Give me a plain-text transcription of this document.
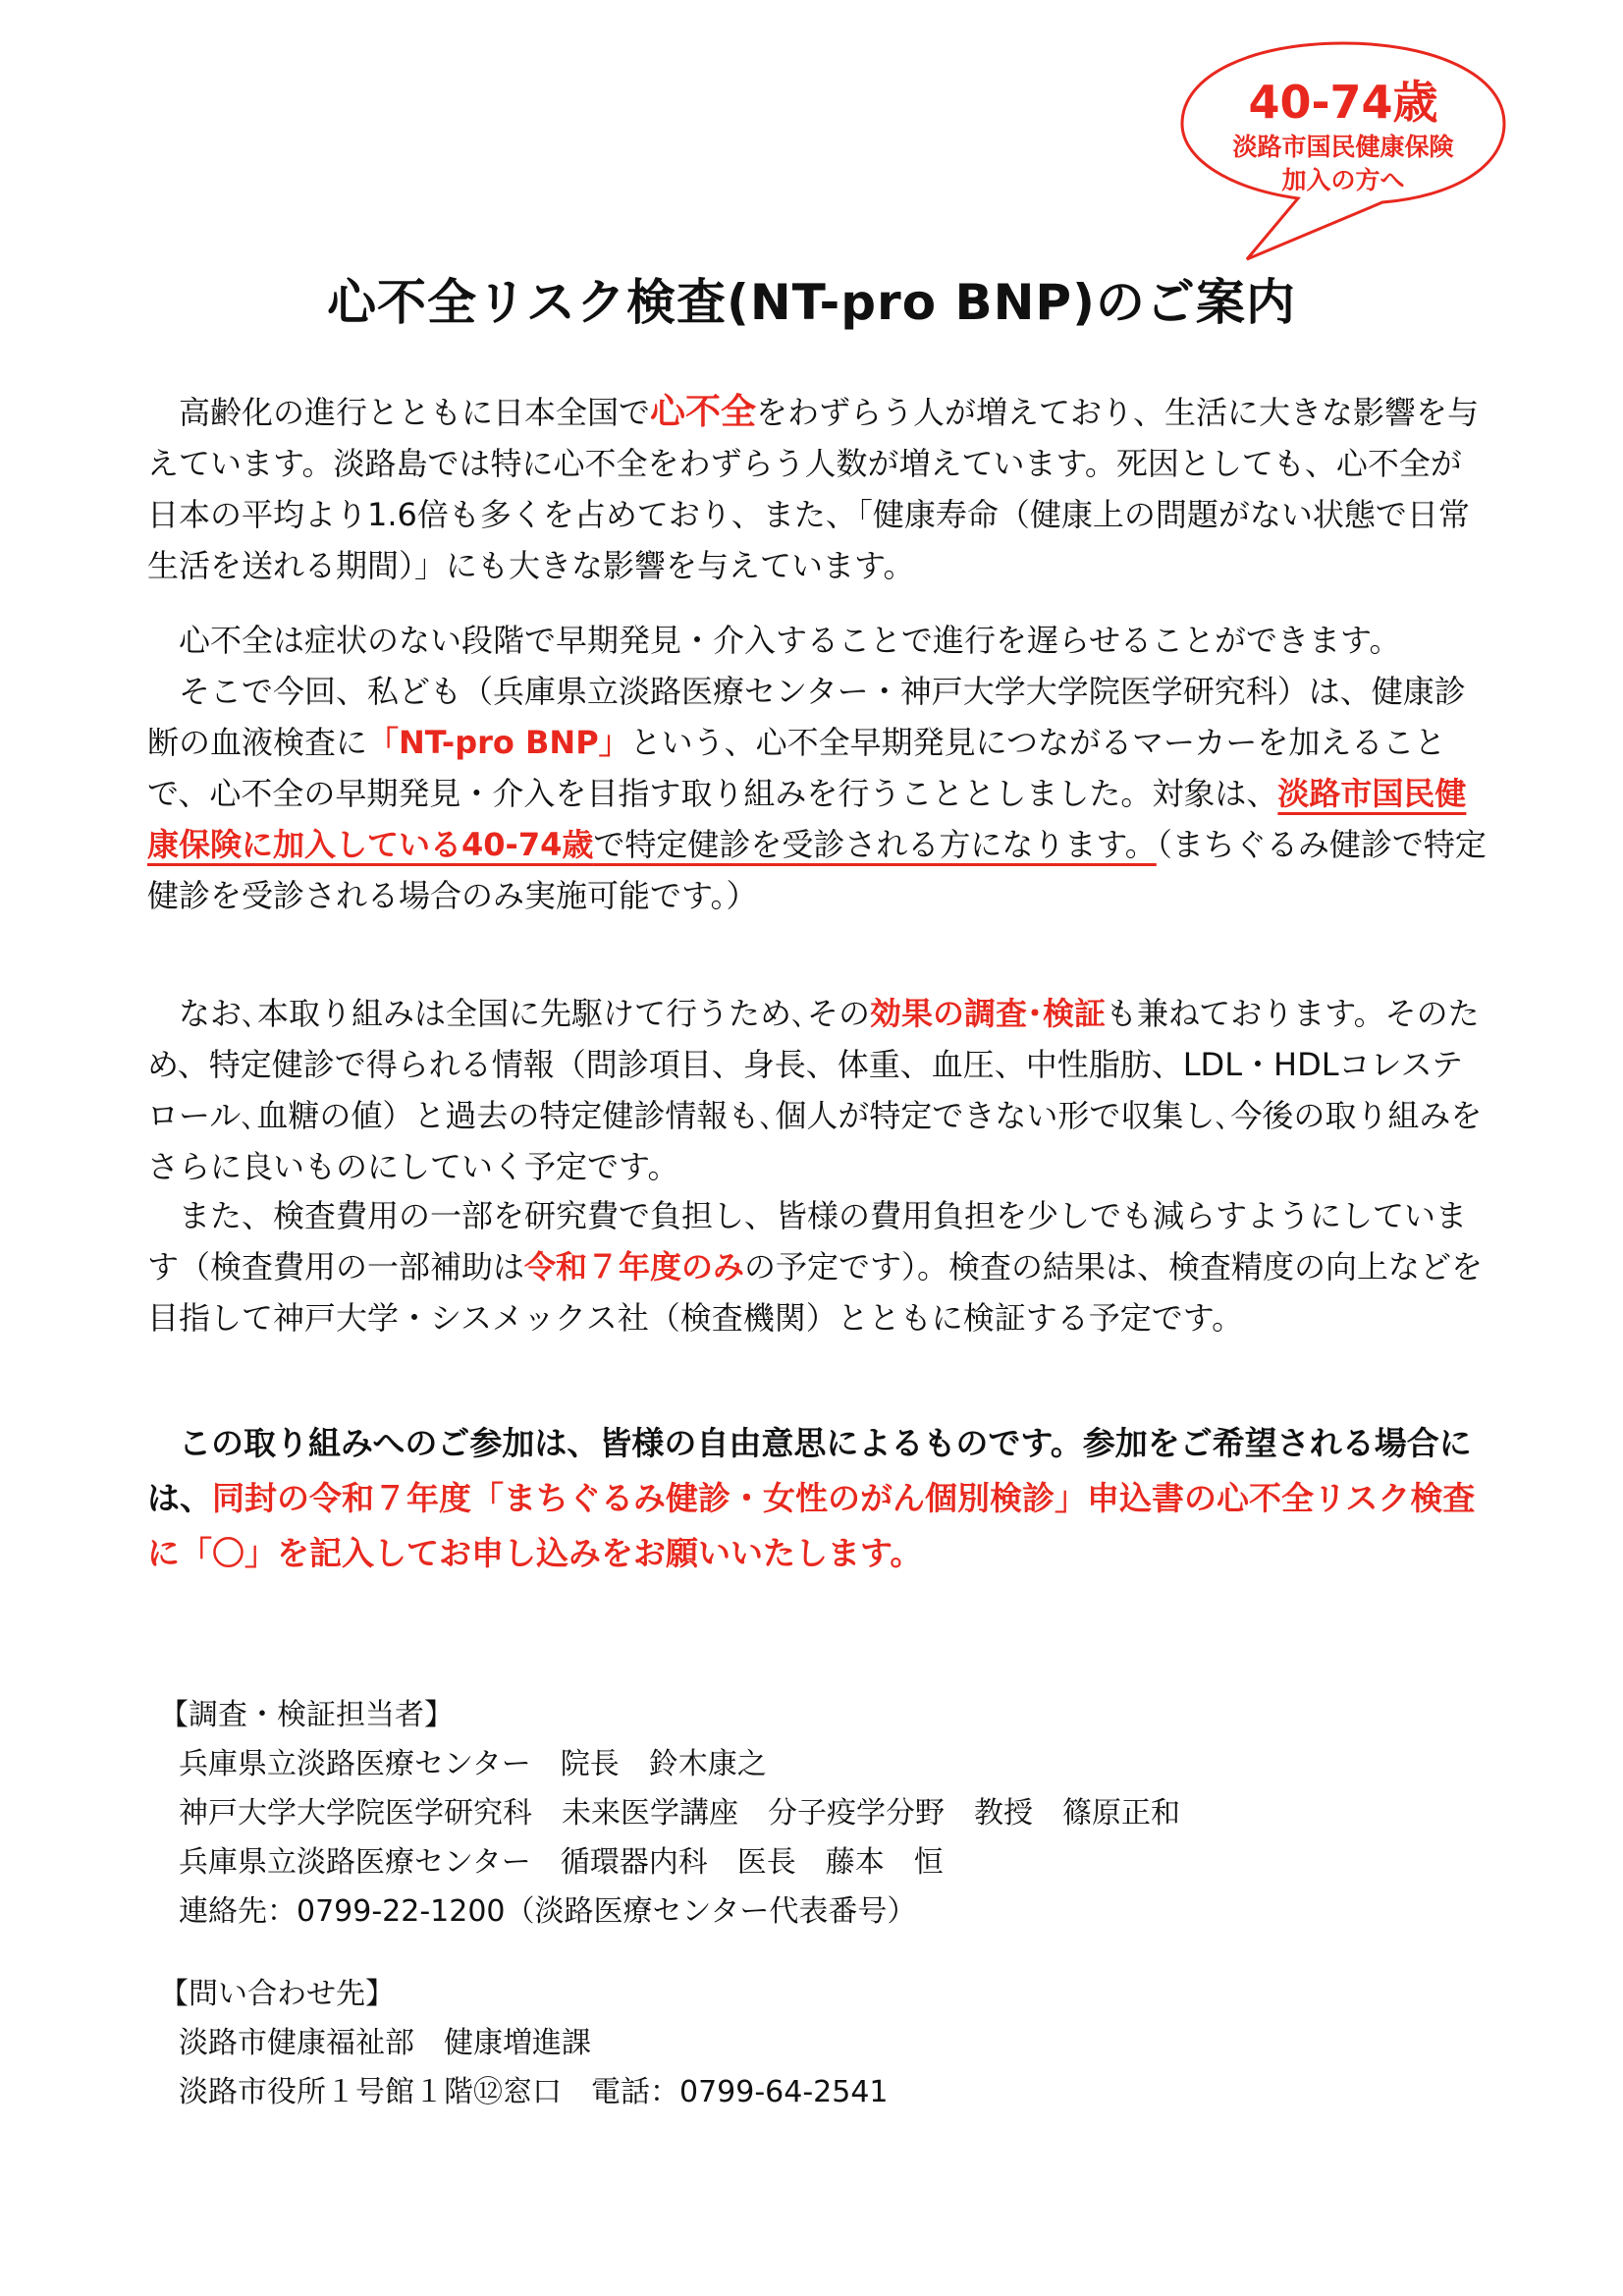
40-74歳
淡路市国民健康保険
加入の方へ
心不全リスク検査(NT-pro BNP)のご案内

高齢化の進行とともに日本全国で心不全をわずらう人が増えており、生活に大きな影響を与えています。淡路島では特に心不全をわずらう人数が増えています。死因としても、心不全が日本の平均より1.6倍も多くを占めており、また、「健康寿命（健康上の問題がない状態で日常生活を送れる期間）」にも大きな影響を与えています。

心不全は症状のない段階で早期発見・介入することで進行を遅らせることができます。

そこで今回、私ども（兵庫県立淡路医療センター・神戸大学大学院医学研究科）は、健康診断の血液検査に「NT-pro BNP」という、心不全早期発見につながるマーカーを加えることで、心不全の早期発見・介入を目指す取り組みを行うこととしました。対象は、淡路市国民健康保険に加入している40-74歳で特定健診を受診される方になります。（まちぐるみ健診で特定健診を受診される場合のみ実施可能です。）

なお､本取り組みは全国に先駆けて行うため､その効果の調査･検証も兼ねております。そのため、特定健診で得られる情報（問診項目、身長、体重、血圧、中性脂肪、LDL・HDLコレステロール､血糖の値）と過去の特定健診情報も､個人が特定できない形で収集し､今後の取り組みをさらに良いものにしていく予定です。

また、検査費用の一部を研究費で負担し、皆様の費用負担を少しでも減らすようにしています（検査費用の一部補助は令和７年度のみの予定です）。検査の結果は、検査精度の向上などを目指して神戸大学・シスメックス社（検査機関）とともに検証する予定です。

この取り組みへのご参加は、皆様の自由意思によるものです。参加をご希望される場合には、同封の令和７年度「まちぐるみ健診・女性のがん個別検診」申込書の心不全リスク検査に「〇」を記入してお申し込みをお願いいたします。

【調査・検証担当者】
兵庫県立淡路医療センター　院長　鈴木康之
神戸大学大学院医学研究科　未来医学講座　分子疫学分野　教授　篠原正和
兵庫県立淡路医療センター　循環器内科　医長　藤本　恒
連絡先：0799-22-1200（淡路医療センター代表番号）
【問い合わせ先】
淡路市健康福祉部　健康増進課
淡路市役所１号館１階⑫窓口　電話：0799-64-2541
